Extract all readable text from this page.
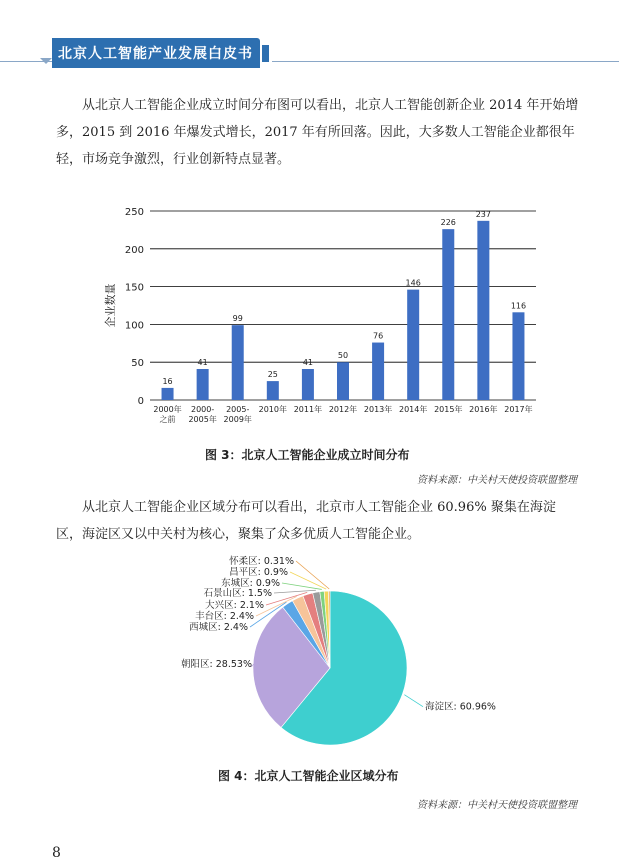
北京人工智能产业发展白皮书
从北京人工智能企业成立时间分布图可以看出，北京人工智能创新企业 2014 年开始增多，2015 到 2016 年爆发式增长，2017 年有所回落。因此，大多数人工智能企业都很年轻，市场竞争激烈，行业创新特点显著。
0
50
100
150
200
250
企业数量
16
2000年
之前
41
2000-
2005年
99
2005-
2009年
25
2010年
41
2011年
50
2012年
76
2013年
146
2014年
226
2015年
237
2016年
116
2017年
图 3：北京人工智能企业成立时间分布
资料来源：中关村天使投资联盟整理
从北京人工智能企业区域分布可以看出，北京市人工智能企业 60.96% 聚集在海淀区，海淀区又以中关村为核心，聚集了众多优质人工智能企业。
海淀区: 60.96%
朝阳区: 28.53%
西城区: 2.4%
丰台区: 2.4%
大兴区: 2.1%
石景山区: 1.5%
东城区: 0.9%
昌平区: 0.9%
怀柔区: 0.31%
图 4：北京人工智能企业区域分布
资料来源：中关村天使投资联盟整理
8
